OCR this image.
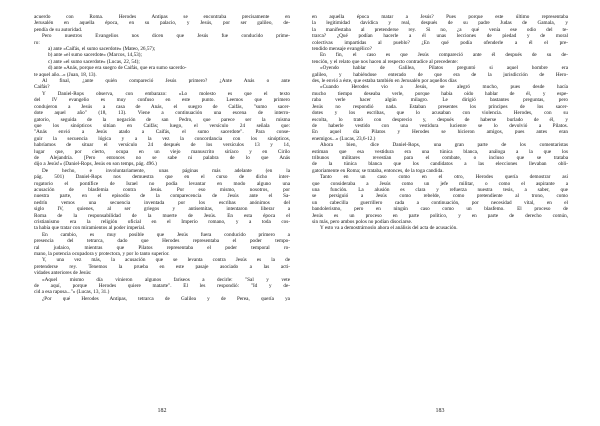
acuerdo con Roma. Herodes Antipas se encontraba precisamente en
Jerusalén en aquella época, en su palacio, y Jesús, por ser galileo, de-
pendía de su autoridad.
Pero nuestros Evangelios nos dicen que Jesús fue conducido prime-
ro:
a) ante «Caifás, el sumo sacerdote» (Mateo, 26,57);
b) ante «el sumo sacerdote» (Marcos, 14,53);
c) ante «el sumo sacerdote» (Lucas, 22, 54);
d) ante «Anás, porque era suegro de Caifás, que era sumo sacerdo-
te aquel año...» (Juan, 18, 13).
Al final, ¿ante quién compareció Jesús primero? ¿Ante Anás o ante
Caifás?
Y Daniel-Rops observa, con embarazo: «Lo molesto es que el texto
del IV evangelio es muy confuso en este punto. Leemos que primero
condujeron a Jesús a casa de Anás, el suegro de Caifás, "sumo sacer-
dote aquel año" (18, 13). Viene a continuación una escena de interro-
gatorio, seguida de la negación de san Pedro, que parece ser la misma
que los sinópticos sitúan en Caifás; luego, el versículo 24 señala que:
"Anás envió a Jesús atado a Caifás, el sumo sacerdote". Para conse-
guir la secuencia lógica y a la vez la concordancia con los sinópticos,
habríamos de situar el versículo 24 después de los versículos 13 y 14,
lugar que, por cierto, ocupa en un viejo manuscrito siríaco y en Cirilo
de Alejandría. [Pero entonces no se sabe ni palabra de lo que Anás
dijo a Jesús!» (Daniel-Rops, Jesús en son temps, pág. 496.)
De hecho, e involuntariamente, unas páginas más adelante (en la
pág. 501) Daniel-Rops nos demuestra que en el curso de dicho inter-
rogatorio el pontífice de Israel no podía levantar en modo alguno una
acusación de blasfemia contra Jesús. Por eso mismo, nosotros, por
nuestra parte, en el episodio de la comparecencia de Jesús ante el Sa-
nedrín vemos una secuencia inventada por los escribas anónimos del
siglo IV, quienes, al ser griegos y antisemitas, intentaron liberar a
Roma de la responsabilidad de la muerte de Jesús. En esta época el
cristianismo era la religión oficial en el Imperio romano, y a toda cos-
ta había que tratar con miramientos al poder imperial.
En cambio, es muy posible que Jesús fuera conducido primero a
presencia del tetrarca, dado que Herodes representaba el poder tempo-
ral judaico, mientras que Pilatos representaba el poder temporal ro-
mano, la potencia ocupadora y protectora, y por lo tanto superior.
Y, una vez más, la acusación que se levanta contra Jesús es la de
pretenderse rey. Tenemos la prueba en este pasaje asociado a las acti-
vidades anteriores de Jesús:
«Aquel mismo día vinieron algunos fariseos a decirle: "Sal y vete
de aquí, porque Herodes quiere matarte". Él les respondió: "Id y de-
cid a esa raposa..."» (Lucas, 13, 31.)
¿Por qué Herodes Antipas, tetrarca de Galilea y de Perea, quería ya
182
en aquella época matar a Jesús? Pues porque este último representaba
la legitimidad davídica y real, después de su padre Judas de Gamala, y
la manifestaba al pretenderse rey. Si no, ¿a qué venía ese odio del te-
trarca? ¿Qué podían hacerle a él unas lecciones de piedad y de moral
colectivas impartidas al pueblo? ¿En qué podía ofenderle a él el pre-
tendido mensaje evangélico?
En fin, el caso es que Jesús compareció ante él después de su de-
tención, y el relato que nos hacen al respecto contradice al precedente:
«Oyendo hablar de Galilea, Pilatos preguntó si aquel hombre era
galileo, y habiéndose enterado de que era de la jurisdicción de Hero-
des, le envió a éste, que estaba también en Jerusalén por aquellos días
»Cuando Herodes vio a Jesús, se alegró mucho, pues desde hacía
mucho tiempo deseaba verle, porque había oído hablar de él, y espe-
raba verle hacer algún milagro. Le dirigió bastantes preguntas, pero
Jesús no respondió nada. Estaban presentes los príncipes de los sacer-
dotes y los escribas, que lo acusaban con violencia. Herodes, con su
escolta, lo trató con desprecio y, después de haberse burlado de él, y
de haberle vestido con una vestidura lucienre se lo devolvió a Pilatos.
En aquel día Pilatos y Herodes se hicieron amigos, pues antes eran
enemigos...» (Lucas, 23,6-12.)
Ahora bien, dice Daniel-Rops, una gran parte de los comentaristas
estiman que esa vestidura era una túnica blanca, análoga a la que los
tribunos militares revestían para el combate, o incluso que se trataba
de la túnica blanca que los candidatos a las elecciones llevaban obli-
gatoriamente en Roma; se trataba, entonces, de la toga candida.
Tanto en un caso como en el otro, Herodes quería demostrar así
que consideraba a Jesús como un jefe militar, o como el aspirante a
una función. La alusión es clara y refuerza nuestra tesis, a saber, que
se persiguió a Jesús como rebelde, como pretendiente al trono, como
un cabecilla guerrillero cada a continuación, por necesidad vital, en el
bandolerismo, pero en ningún caso como un blasfemo. El proceso de
Jesús es un proceso en parte político, y en parte de derecho común,
sin más, pero ambos polos no podían disociarse.
Y esto va a demostrárnoslo ahora el análisis del acta de acusación.
183
